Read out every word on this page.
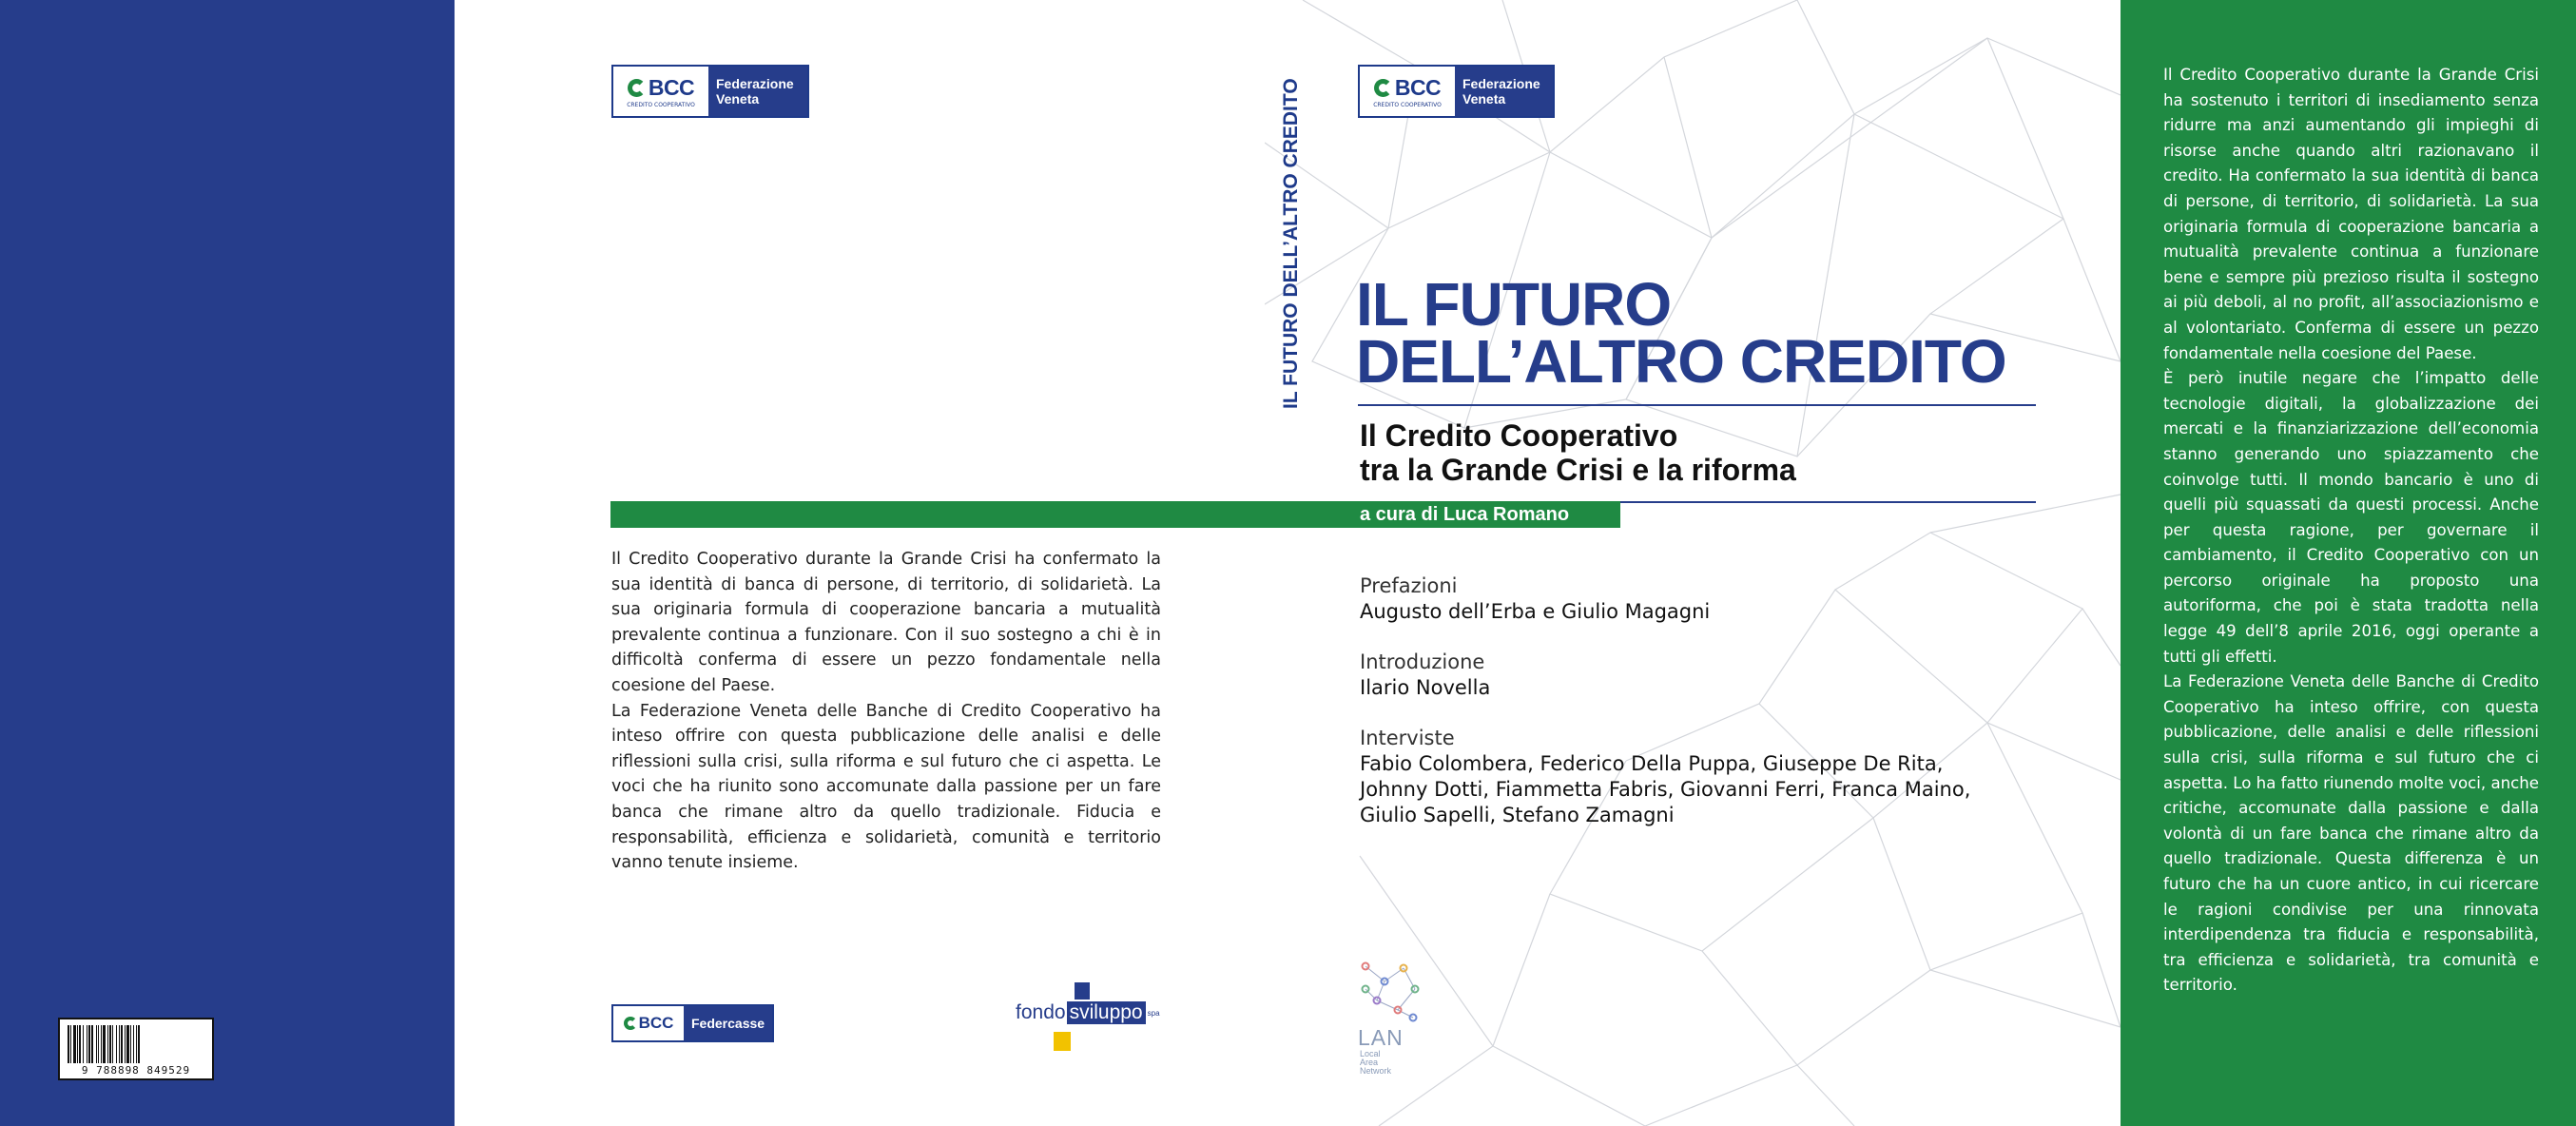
BCC
CREDITO COOPERATIVO
Federazione
Veneta	BCC
CREDITO COOPERATIVO
Federazione
Veneta
IL FUTURO DELL’ALTRO CREDITO IL FUTURO
DELL’ALTRO CREDITO
Il Credito Cooperativo
tra la Grande Crisi e la riforma
a cura di Luca Romano

Il Credito Cooperativo durante la Grande Crisi ha confermato la sua identità di banca di persone, di territorio, di solidarietà. La sua originaria formula di cooperazione bancaria a mutualità prevalente continua a funzionare. Con il suo sostegno a chi è in difficoltà conferma di essere un pezzo fondamentale nella coesione del Paese.

La Federazione Veneta delle Banche di Credito Cooperativo ha inteso offrire con questa pubblicazione delle analisi e delle riflessioni sulla crisi, sulla riforma e sul futuro che ci aspetta. Le voci che ha riunito sono accomunate dalla passione per un fare banca che rimane altro da quello tradizionale. Fiducia e responsabilità, efficienza e solidarietà, comunità e territorio vanno tenute insieme.

Prefazioni
Augusto dell’Erba e Giulio Magagni
Introduzione
Ilario Novella
Interviste
Fabio Colombera, Federico Della Puppa, Giuseppe De Rita,
Johnny Dotti, Fiammetta Fabris, Giovanni Ferri, Franca Maino,
Giulio Sapelli, Stefano Zamagni

Il Credito Cooperativo durante la Grande Crisi ha sostenuto i territori di insediamento senza ridurre ma anzi aumentando gli impieghi di risorse anche quando altri razionavano il credito. Ha confermato la sua identità di banca di persone, di territorio, di solidarietà. La sua originaria formula di cooperazione bancaria a mutualità prevalente continua a funzionare bene e sempre più prezioso risulta il sostegno ai più deboli, al no profit, all’associazionismo e al volontariato. Conferma di essere un pezzo fondamentale nella coesione del Paese.

È però inutile negare che l’impatto delle tecnologie digitali, la globalizzazione dei mercati e la finanziarizzazione dell’economia stanno generando uno spiazzamento che coinvolge tutti. Il mondo bancario è uno di quelli più squassati da questi processi. Anche per questa ragione, per governare il cambiamento, il Credito Cooperativo con un percorso originale ha proposto una autoriforma, che poi è stata tradotta nella legge 49 dell’8 aprile 2016, oggi operante a tutti gli effetti.

La Federazione Veneta delle Banche di Credito Cooperativo ha inteso offrire, con questa pubblicazione, delle analisi e delle riflessioni sulla crisi, sulla riforma e sul futuro che ci aspetta. Lo ha fatto riunendo molte voci, anche critiche, accomunate dalla passione e dalla volontà di un fare banca che rimane altro da quello tradizionale. Questa differenza è un futuro che ha un cuore antico, in cui ricercare le ragioni condivise per una rinnovata interdipendenza tra fiducia e responsabilità, tra efficienza e solidarietà, tra comunità e territorio.

9 788898 849529
BCC	Federcasse	fondo sviluppo spa
LAN
Local
Area
Network
